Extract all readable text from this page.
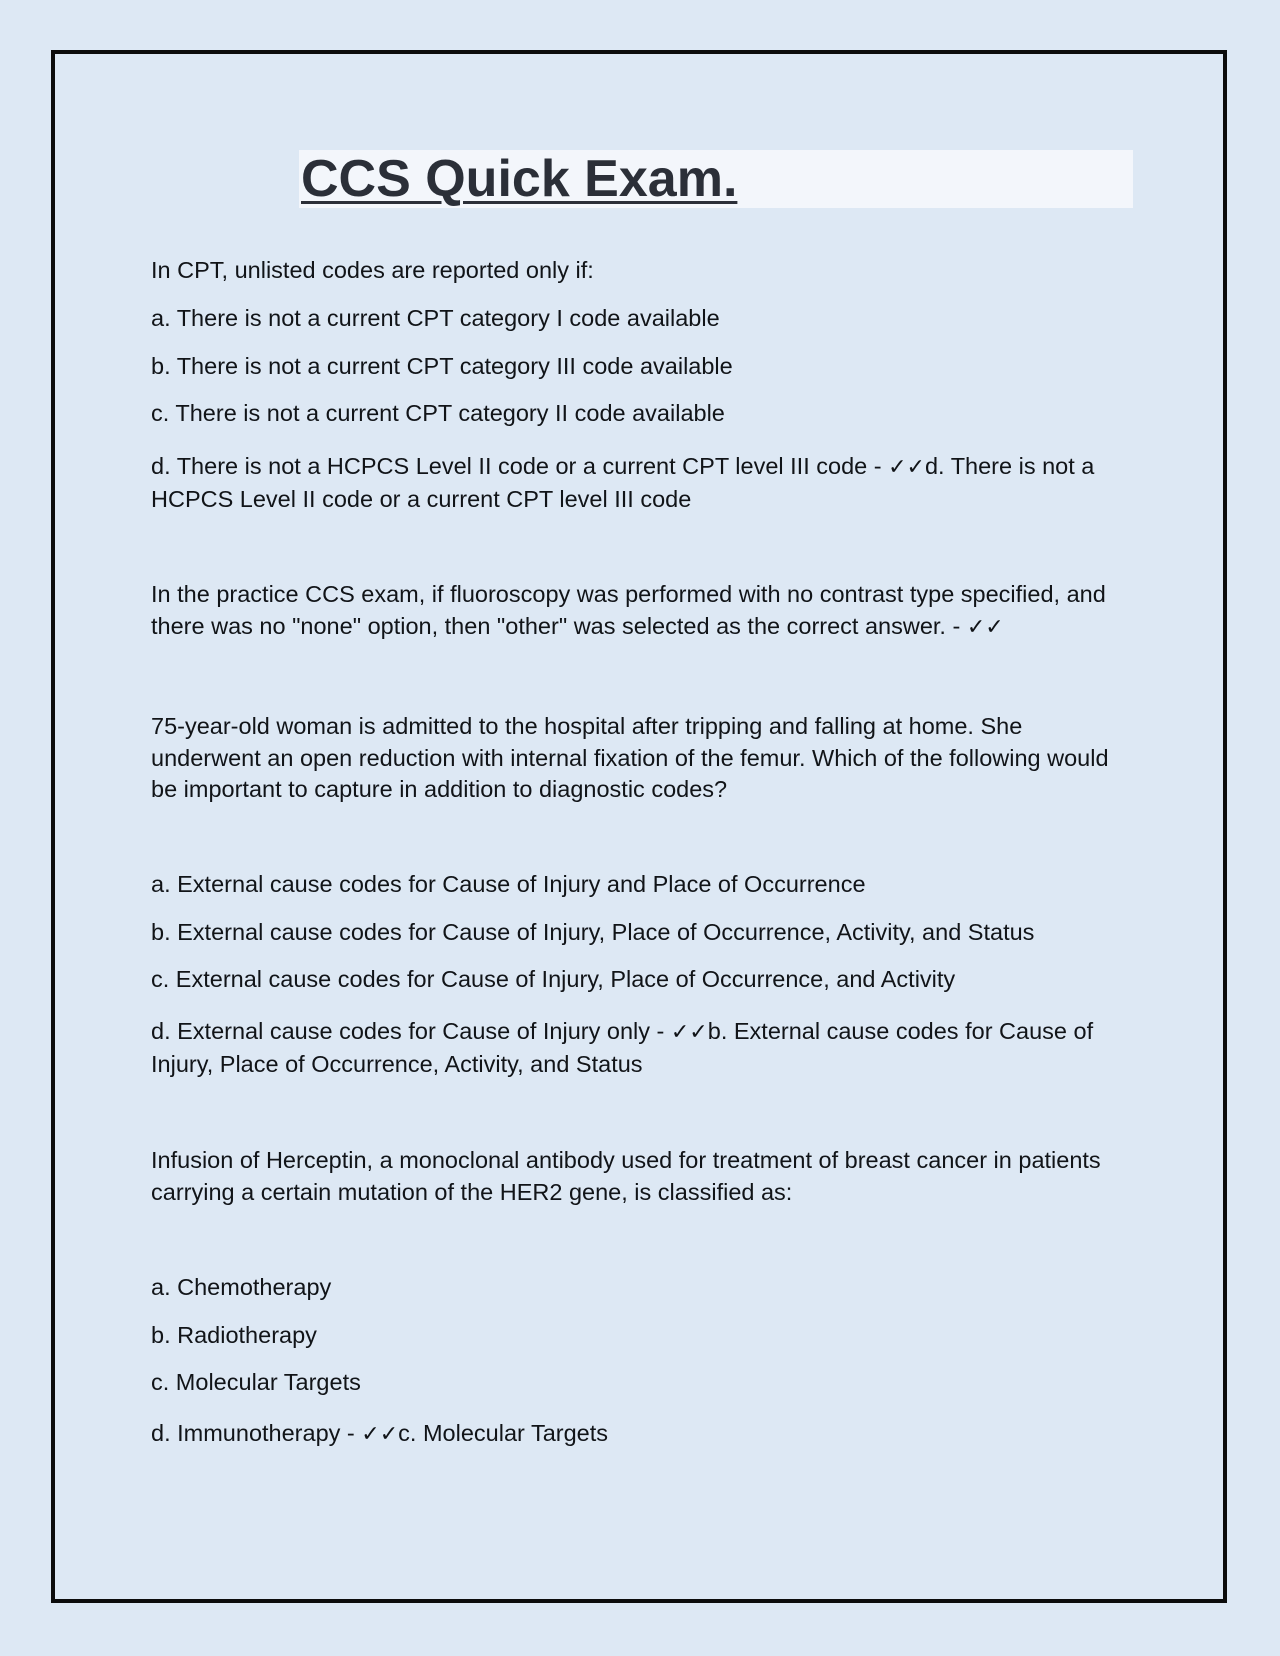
CCS Quick Exam.

In CPT, unlisted codes are reported only if:

a. There is not a current CPT category I code available

b. There is not a current CPT category III code available

c. There is not a current CPT category II code available

d. There is not a HCPCS Level II code or a current CPT level III code - ✓✓d. There is not a HCPCS Level II code or a current CPT level III code

In the practice CCS exam, if fluoroscopy was performed with no contrast type specified, and there was no "none" option, then "other" was selected as the correct answer. - ✓✓

75-year-old woman is admitted to the hospital after tripping and falling at home. She underwent an open reduction with internal fixation of the femur. Which of the following would be important to capture in addition to diagnostic codes?

a. External cause codes for Cause of Injury and Place of Occurrence

b. External cause codes for Cause of Injury, Place of Occurrence, Activity, and Status

c. External cause codes for Cause of Injury, Place of Occurrence, and Activity

d. External cause codes for Cause of Injury only - ✓✓b. External cause codes for Cause of Injury, Place of Occurrence, Activity, and Status

Infusion of Herceptin, a monoclonal antibody used for treatment of breast cancer in patients carrying a certain mutation of the HER2 gene, is classified as:

a. Chemotherapy

b. Radiotherapy

c. Molecular Targets

d. Immunotherapy - ✓✓c. Molecular Targets
